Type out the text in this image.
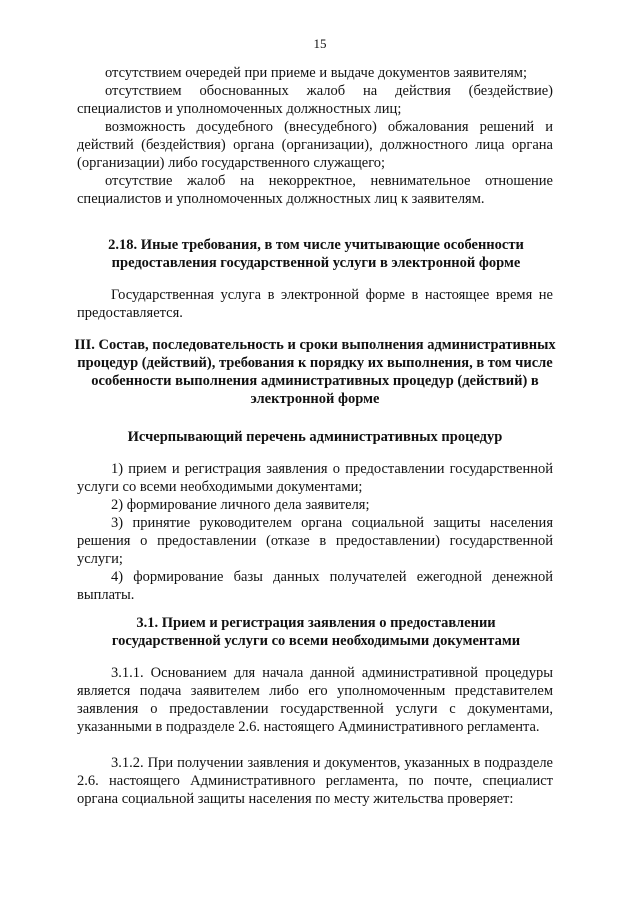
15
отсутствием очередей при приеме и выдаче документов заявителям;
отсутствием обоснованных жалоб на действия (бездействие) специалистов и уполномоченных должностных лиц;
возможность досудебного (внесудебного) обжалования решений и действий (бездействия) органа (организации), должностного лица органа (организации) либо государственного служащего;
отсутствие жалоб на некорректное, невнимательное отношение специалистов и уполномоченных должностных лиц к заявителям.
2.18. Иные требования, в том числе учитывающие особенности предоставления государственной услуги в электронной форме
Государственная услуга в электронной форме в настоящее время не предоставляется.
III. Состав, последовательность и сроки выполнения административных процедур (действий), требования к порядку их выполнения, в том числе особенности выполнения административных процедур (действий) в электронной форме
Исчерпывающий перечень административных процедур
1) прием и регистрация заявления о предоставлении государственной услуги со всеми необходимыми документами;
2) формирование личного дела заявителя;
3) принятие руководителем органа социальной защиты населения решения о предоставлении (отказе в предоставлении) государственной услуги;
4) формирование базы данных получателей ежегодной денежной выплаты.
3.1. Прием и регистрация заявления о предоставлении государственной услуги со всеми необходимыми документами
3.1.1. Основанием для начала данной административной процедуры является подача заявителем либо его уполномоченным представителем заявления о предоставлении государственной услуги с документами, указанными в подразделе 2.6. настоящего Административного регламента.
3.1.2. При получении заявления и документов, указанных в подразделе 2.6. настоящего Административного регламента, по почте, специалист органа социальной защиты населения по месту жительства проверяет:
